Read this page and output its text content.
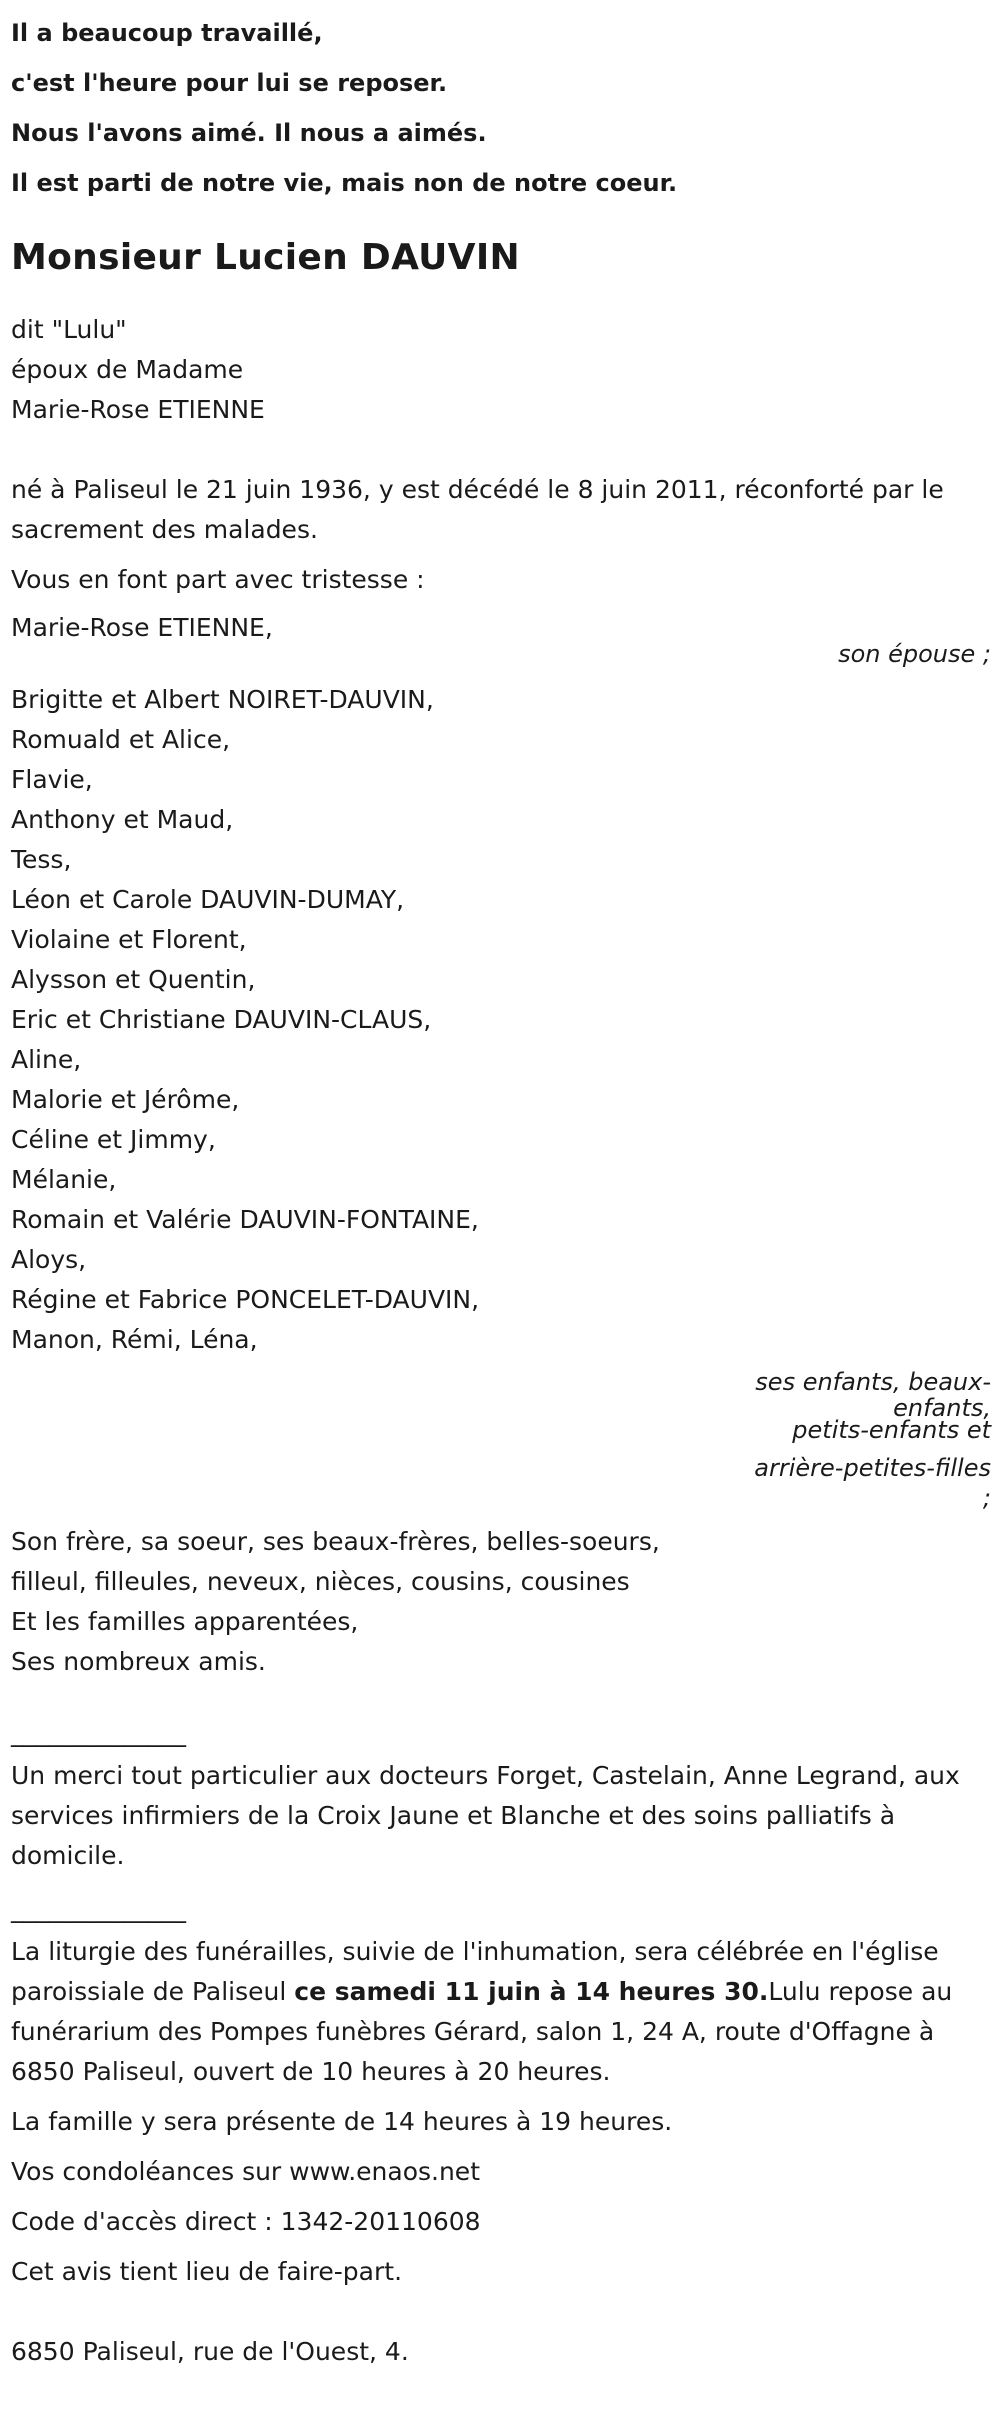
Il a beaucoup travaillé,

c'est l'heure pour lui se reposer.

Nous l'avons aimé. Il nous a aimés.

Il est parti de notre vie, mais non de notre coeur.

Monsieur Lucien DAUVIN

dit "Lulu"

époux de Madame

Marie-Rose ETIENNE

né à Paliseul le 21 juin 1936, y est décédé le 8 juin 2011, réconforté par le sacrement des malades.

Vous en font part avec tristesse :

Marie-Rose ETIENNE,

son épouse ;

Brigitte et Albert NOIRET-DAUVIN,

Romuald et Alice,

Flavie,

Anthony et Maud,

Tess,

Léon et Carole DAUVIN-DUMAY,

Violaine et Florent,

Alysson et Quentin,

Eric et Christiane DAUVIN-CLAUS,

Aline,

Malorie et Jérôme,

Céline et Jimmy,

Mélanie,

Romain et Valérie DAUVIN-FONTAINE,

Aloys,

Régine et Fabrice PONCELET-DAUVIN,

Manon, Rémi, Léna,

ses enfants, beaux-
enfants,
petits-enfants et
arrière-petites-filles
;

Son frère, sa soeur, ses beaux-frères, belles-soeurs,

filleul, filleules, neveux, nièces, cousins, cousines

Et les familles apparentées,

Ses nombreux amis.

______________

Un merci tout particulier aux docteurs Forget, Castelain, Anne Legrand, aux services infirmiers de la Croix Jaune et Blanche et des soins palliatifs à domicile.

______________

La liturgie des funérailles, suivie de l'inhumation, sera célébrée en l'église paroissiale de Paliseul ce samedi 11 juin à 14 heures 30.Lulu repose au funérarium des Pompes funèbres Gérard, salon 1, 24 A, route d'Offagne à 6850 Paliseul, ouvert de 10 heures à 20 heures.

La famille y sera présente de 14 heures à 19 heures.

Vos condoléances sur www.enaos.net

Code d'accès direct : 1342-20110608

Cet avis tient lieu de faire-part.

6850 Paliseul, rue de l'Ouest, 4.
